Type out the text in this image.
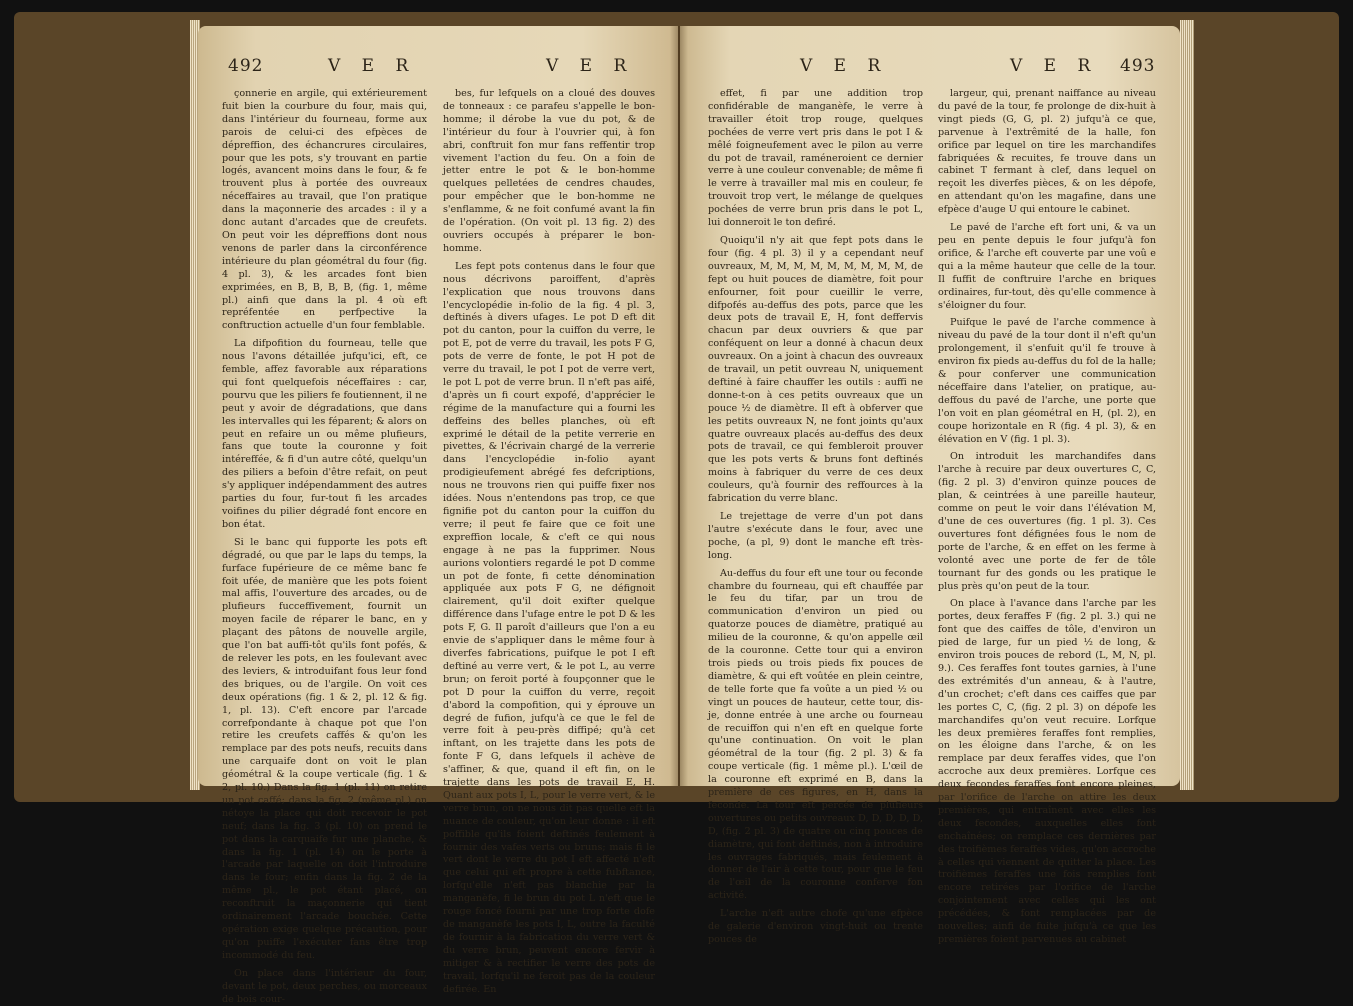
492	V E R	V E R

çonnerie en argile, qui extérieurement fuit bien la courbure du four, mais qui, dans l'intérieur du fourneau, forme aux parois de celui-ci des efpèces de dépreffion, des échancrures circulaires, pour que les pots, s'y trouvant en partie logés, avancent moins dans le four, & fe trouvent plus à portée des ouvreaux néceffaires au travail, que l'on pratique dans la maçonnerie des arcades : il y a donc autant d'arcades que de creufets. On peut voir les dépreffions dont nous venons de parler dans la circonférence intérieure du plan géométral du four (fig. 4 pl. 3), & les arcades font bien exprimées, en B, B, B, B, (fig. 1, même pl.) ainfi que dans la pl. 4 où eft repréfentée en perfpective la conftruction actuelle d'un four femblable.

La difpofition du fourneau, telle que nous l'avons détaillée jufqu'ici, eft, ce femble, affez favorable aux réparations qui font quelquefois néceffaires : car, pourvu que les piliers fe foutiennent, il ne peut y avoir de dégradations, que dans les intervalles qui les féparent; & alors on peut en refaire un ou même plufieurs, fans que toute la couronne y foit intéreffée, & fi d'un autre côté, quelqu'un des piliers a befoin d'être refait, on peut s'y appliquer indépendamment des autres parties du four, fur-tout fi les arcades voifines du pilier dégradé font encore en bon état.

Si le banc qui fupporte les pots eft dégradé, ou que par le laps du temps, la furface fupérieure de ce même banc fe foit ufée, de manière que les pots foient mal affis, l'ouverture des arcades, ou de plufieurs fucceffivement, fournit un moyen facile de réparer le banc, en y plaçant des pâtons de nouvelle argile, que l'on bat auffi-tôt qu'ils font pofés, & de relever les pots, en les foulevant avec des leviers, & introduifant fous leur fond des briques, ou de l'argile. On voit ces deux opérations (fig. 1 & 2, pl. 12 & fig. 1, pl. 13). C'eft encore par l'arcade correfpondante à chaque pot que l'on retire les creufets caffés & qu'on les remplace par des pots neufs, recuits dans une carquaife dont on voit le plan géométral & la coupe verticale (fig. 1 & 2, pl. 10.) Dans la fig. 1 (pl. 11) on retire un pot caffé; dans la fig. 2 (même pl.) on nétoye la place qui doit recevoir le pot neuf; dans la fig. 3 (pl. 10) on prend le pot dans la carquaife fur une planche, & dans la fig. 1 (pl. 14) on le porte à l'arcade par laquelle on doit l'introduire dans le four; enfin dans la fig. 2 de la même pl., le pot étant placé, on reconftruit la maçonnerie qui tient ordinairement l'arcade bouchée. Cette opération exige quelque précaution, pour qu'on puiffe l'exécuter fans être trop incommodé du feu.

On place dans l'intérieur du four, devant le pot, deux perches, ou morceaux de bois cour-

bes, fur lefquels on a cloué des douves de tonneaux : ce parafeu s'appelle le bon-homme; il dérobe la vue du pot, & de l'intérieur du four à l'ouvrier qui, à fon abri, conftruit fon mur fans reffentir trop vivement l'action du feu. On a foin de jetter entre le pot & le bon-homme quelques pelletées de cendres chaudes, pour empêcher que le bon-homme ne s'enflamme, & ne foit confumé avant la fin de l'opération. (On voit pl. 13 fig. 2) des ouvriers occupés à préparer le bon-homme.

Les fept pots contenus dans le four que nous décrivons paroiffent, d'après l'explication que nous trouvons dans l'encyclopédie in-folio de la fig. 4 pl. 3, deftinés à divers ufages. Le pot D eft dit pot du canton, pour la cuiffon du verre, le pot E, pot de verre du travail, les pots F G, pots de verre de fonte, le pot H pot de verre du travail, le pot I pot de verre vert, le pot L pot de verre brun. Il n'eft pas aifé, d'après un fi court expofé, d'apprécier le régime de la manufacture qui a fourni les deffeins des belles planches, où eft exprimé le détail de la petite verrerie en pivettes, & l'écrivain chargé de la verrerie dans l'encyclopédie in-folio ayant prodigieufement abrégé fes defcriptions, nous ne trouvons rien qui puiffe fixer nos idées. Nous n'entendons pas trop, ce que fignifie pot du canton pour la cuiffon du verre; il peut fe faire que ce foit une expreffion locale, & c'eft ce qui nous engage à ne pas la fupprimer. Nous aurions volontiers regardé le pot D comme un pot de fonte, fi cette dénomination appliquée aux pots F G, ne défignoit clairement, qu'il doit exifter quelque différence dans l'ufage entre le pot D & les pots F, G. Il paroît d'ailleurs que l'on a eu envie de s'appliquer dans le même four à diverfes fabrications, puifque le pot I eft deftiné au verre vert, & le pot L, au verre brun; on feroit porté à foupçonner que le pot D pour la cuiffon du verre, reçoit d'abord la compofition, qui y éprouve un degré de fufion, jufqu'à ce que le fel de verre foit à peu-près diffipé; qu'à cet inftant, on les trajette dans les pots de fonte F G, dans lefquels il achève de s'affiner, & que, quand il eft fin, on le trajette dans les pots de travail E, H. Quant aux pots I, L, pour le verre vert, & le verre brun, on ne nous dit pas quelle eft la nuance de couleur, qu'on leur donne : il eft poffible qu'ils foient deftinés feulement à fournir des vafes verts ou bruns; mais fi le vert dont le verre du pot I eft affecté n'eft que celui qui eft propre à cette fubftance, lorfqu'elle n'eft pas blanchie par la manganèfe, fi le brun du pot L n'eft que le rouge foncé fourni par une trop forte dofe de manganèfe les pots I, L, outre la faculté de fournir à la fabrication du verre vert & du verre brun, peuvent encore fervir à mitiger & à rectifier le verre des pots de travail, lorfqu'il ne feroit pas de la couleur defirée. En

V E R	V E R 493

effet, fi par une addition trop confidérable de manganèfe, le verre à travailler étoit trop rouge, quelques pochées de verre vert pris dans le pot I & mêlé foigneufement avec le pilon au verre du pot de travail, raméneroient ce dernier verre à une couleur convenable; de même fi le verre à travailler mal mis en couleur, fe trouvoit trop vert, le mélange de quelques pochées de verre brun pris dans le pot L, lui donneroit le ton defiré.

Quoiqu'il n'y ait que fept pots dans le four (fig. 4 pl. 3) il y a cependant neuf ouvreaux, M, M, M, M, M, M, M, M, M, de fept ou huit pouces de diamètre, foit pour enfourner, foit pour cueillir le verre, difpofés au-deffus des pots, parce que les deux pots de travail E, H, font deffervis chacun par deux ouvriers & que par conféquent on leur a donné à chacun deux ouvreaux. On a joint à chacun des ouvreaux de travail, un petit ouvreau N, uniquement deftiné à faire chauffer les outils : auffi ne donne-t-on à ces petits ouvreaux que un pouce ½ de diamètre. Il eft à obferver que les petits ouvreaux N, ne font joints qu'aux quatre ouvreaux placés au-deffus des deux pots de travail, ce qui fembleroit prouver que les pots verts & bruns font deftinés moins à fabriquer du verre de ces deux couleurs, qu'à fournir des reffources à la fabrication du verre blanc.

Le trejettage de verre d'un pot dans l'autre s'exécute dans le four, avec une poche, (a pl, 9) dont le manche eft très-long.

Au-deffus du four eft une tour ou feconde chambre du fourneau, qui eft chauffée par le feu du tifar, par un trou de communication d'environ un pied ou quatorze pouces de diamètre, pratiqué au milieu de la couronne, & qu'on appelle œil de la couronne. Cette tour qui a environ trois pieds ou trois pieds fix pouces de diamètre, & qui eft voûtée en plein ceintre, de telle forte que fa voûte a un pied ½ ou vingt un pouces de hauteur, cette tour, dis-je, donne entrée à une arche ou fourneau de recuiffon qui n'en eft en quelque forte qu'une continuation. On voit le plan géométral de la tour (fig. 2 pl. 3) & fa coupe verticale (fig. 1 même pl.). L'œil de la couronne eft exprimé en B, dans la première de ces figures, en H, dans la feconde. La tour eft percée de plufieurs ouvertures ou petits ouvreaux D, D, D, D, D, D, (fig. 2 pl. 3) de quatre ou cinq pouces de diamètre, qui font deftinés, non à introduire les ouvrages fabriqués, mais feulement à donner de l'air à cette tour, pour que le feu de l'œil de la couronne conferve fon activité.

L'arche n'eft autre chofe qu'une efpèce de galerie d'environ vingt-huit ou trente pouces de

largeur, qui, prenant naiffance au niveau du pavé de la tour, fe prolonge de dix-huit à vingt pieds (G, G, pl. 2) jufqu'à ce que, parvenue à l'extrêmité de la halle, fon orifice par lequel on tire les marchandifes fabriquées & recuites, fe trouve dans un cabinet T fermant à clef, dans lequel on reçoit les diverfes pièces, & on les dépofe, en attendant qu'on les magafine, dans une efpèce d'auge U qui entoure le cabinet.

Le pavé de l'arche eft fort uni, & va un peu en pente depuis le four jufqu'à fon orifice, & l'arche eft couverte par une voû e qui a la même hauteur que celle de la tour. Il fuffit de conftruire l'arche en briques ordinaires, fur-tout, dès qu'elle commence à s'éloigner du four.

Puifque le pavé de l'arche commence à niveau du pavé de la tour dont il n'eft qu'un prolongement, il s'enfuit qu'il fe trouve à environ fix pieds au-deffus du fol de la halle; & pour conferver une communication néceffaire dans l'atelier, on pratique, au-deffous du pavé de l'arche, une porte que l'on voit en plan géométral en H, (pl. 2), en coupe horizontale en R (fig. 4 pl. 3), & en élévation en V (fig. 1 pl. 3).

On introduit les marchandifes dans l'arche à recuire par deux ouvertures C, C, (fig. 2 pl. 3) d'environ quinze pouces de plan, & ceintrées à une pareille hauteur, comme on peut le voir dans l'élévation M, d'une de ces ouvertures (fig. 1 pl. 3). Ces ouvertures font défignées fous le nom de porte de l'arche, & en effet on les ferme à volonté avec une porte de fer de tôle tournant fur des gonds ou les pratique le plus près qu'on peut de la tour.

On place à l'avance dans l'arche par les portes, deux feraffes F (fig. 2 pl. 3.) qui ne font que des caiffes de tôle, d'environ un pied de large, fur un pied ½ de long, & environ trois pouces de rebord (L, M, N, pl. 9.). Ces feraffes font toutes garnies, à l'une des extrémités d'un anneau, & à l'autre, d'un crochet; c'eft dans ces caiffes que par les portes C, C, (fig. 2 pl. 3) on dépofe les marchandifes qu'on veut recuire. Lorfque les deux premières feraffes font remplies, on les éloigne dans l'arche, & on les remplace par deux feraffes vides, que l'on accroche aux deux premières. Lorfque ces deux fecondes feraffes font encore pleines, par l'orifice de l'arche on attire les deux premières, qui entraînent avec elles les deux fecondes, auxquelles elles font enchaînées; on remplace ces dernières par des troifièmes feraffes vides, qu'on accroche à celles qui viennent de quitter la place. Les troifièmes feraffes une fois remplies font encore retirées par l'orifice de l'arche conjointement avec celles qui les ont précédées, & font remplacées par de nouvelles; ainfi de fuite jufqu'à ce que les premières foient parvenues au cabinet
